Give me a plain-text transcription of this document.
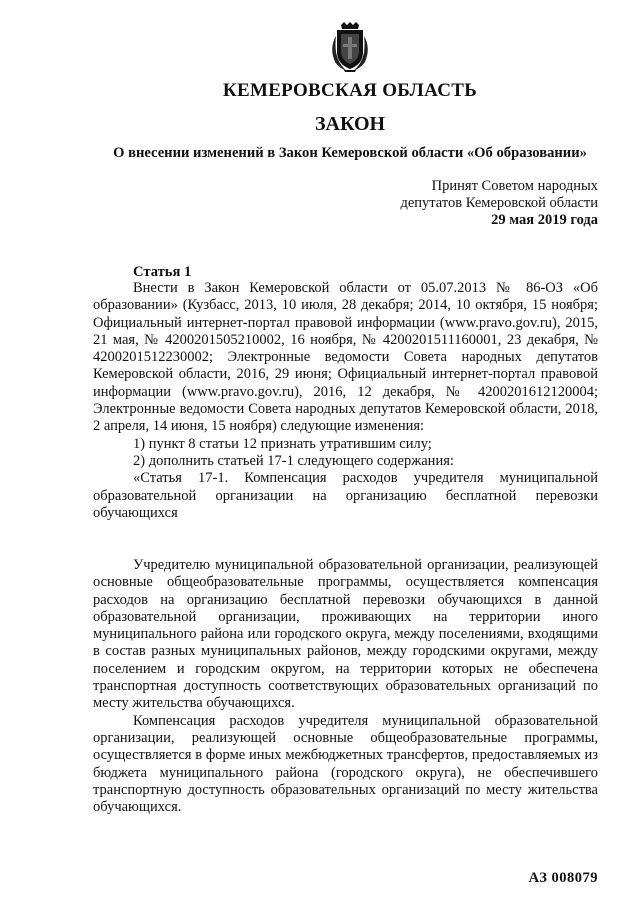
КЕМЕРОВСКАЯ ОБЛАСТЬ
ЗАКОН
О внесении изменений в Закон Кемеровской области «Об образовании»
Принят Советом народных
депутатов Кемеровской области
29 мая 2019 года
Статья 1

Внести в Закон Кемеровской области от 05.07.2013 № 86-ОЗ «Об образовании» (Кузбасс, 2013, 10 июля, 28 декабря; 2014, 10 октября, 15 ноября; Официальный интернет-портал правовой информации (www.pravo.gov.ru), 2015, 21 мая, № 4200201505210002, 16 ноября, № 4200201511160001, 23 декабря, № 4200201512230002; Электронные ведомости Совета народных депутатов Кемеровской области, 2016, 29 июня; Официальный интернет-портал правовой информации (www.pravo.gov.ru), 2016, 12 декабря, № 4200201612120004; Электронные ведомости Совета народных депутатов Кемеровской области, 2018, 2 апреля, 14 июня, 15 ноября) следующие изменения:

1) пункт 8 статьи 12 признать утратившим силу;

2) дополнить статьей 17-1 следующего содержания:

«Статья 17-1. Компенсация расходов учредителя муниципальной образовательной организации на организацию бесплатной перевозки обучающихся

Учредителю муниципальной образовательной организации, реализующей основные общеобразовательные программы, осуществляется компенсация расходов на организацию бесплатной перевозки обучающихся в данной образовательной организации, проживающих на территории иного муниципального района или городского округа, между поселениями, входящими в состав разных муниципальных районов, между городскими округами, между поселением и городским округом, на территории которых не обеспечена транспортная доступность соответствующих образовательных организаций по месту жительства обучающихся.

Компенсация расходов учредителя муниципальной образовательной организации, реализующей основные общеобразовательные программы, осуществляется в форме иных межбюджетных трансфертов, предоставляемых из бюджета муниципального района (городского округа), не обеспечившего транспортную доступность образовательных организаций по месту жительства обучающихся.

АЗ 008079
